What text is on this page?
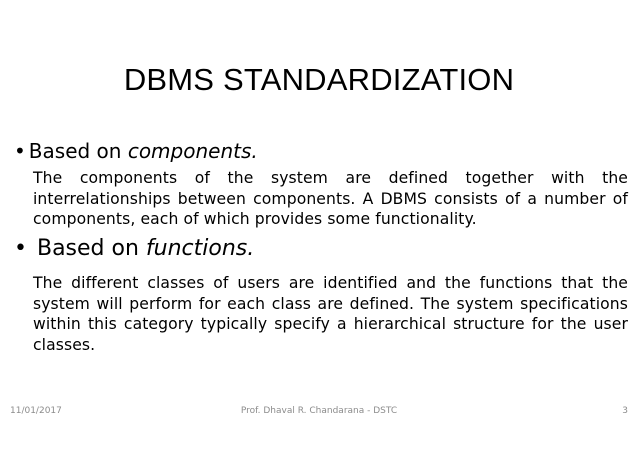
DBMS STANDARDIZATION
• Based on components.
The components of the system are defined together with the interrelationships between components. A DBMS consists of a number of components, each of which provides some functionality.
• Based on functions.
The different classes of users are identified and the functions that the system will perform for each class are defined. The system specifications within this category typically specify a hierarchical structure for the user classes.
Prof. Dhaval R. Chandarana - DSTC
11/01/2017	3
